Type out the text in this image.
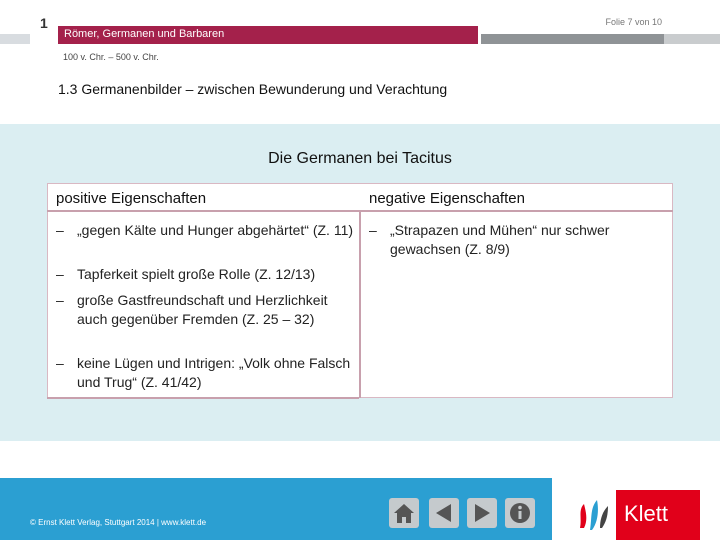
1
Römer, Germanen und Barbaren
Folie 7 von 10
100 v. Chr. – 500 v. Chr.
1.3 Germanenbilder – zwischen Bewunderung und Verachtung
Die Germanen bei Tacitus
positive Eigenschaften	negative Eigenschaften
– „gegen Kälte und Hunger abgehärtet“ (Z. 11)
– Tapferkeit spielt große Rolle (Z. 12/13)
– große Gastfreundschaft und Herzlichkeit auch gegenüber Fremden (Z. 25 – 32)
– keine Lügen und Intrigen: „Volk ohne Falsch und Trug“ (Z. 41/42)
– „Strapazen und Mühen“ nur schwer gewachsen (Z. 8/9)
© Ernst Klett Verlag, Stuttgart 2014 | www.klett.de	Klett
